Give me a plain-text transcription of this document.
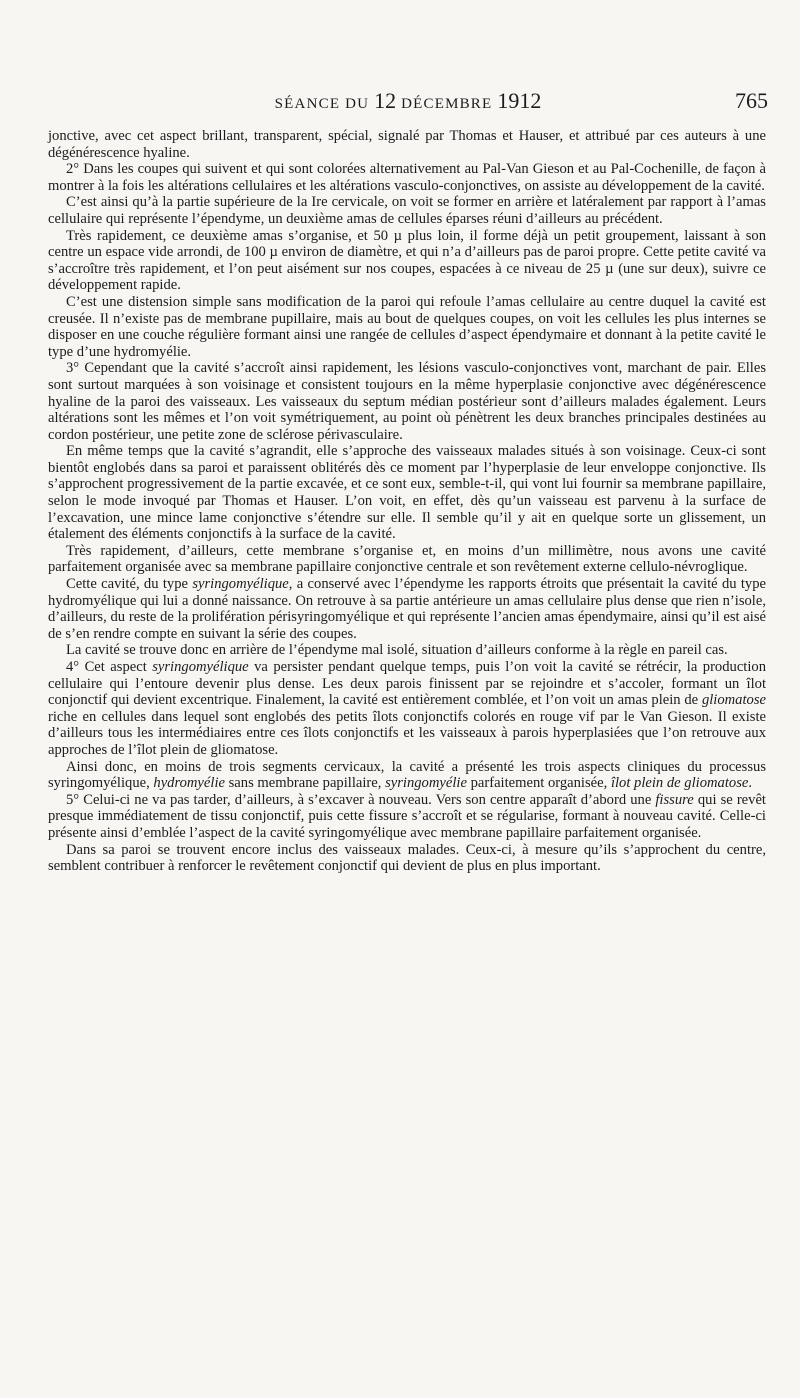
SÉANCE DU 12 DÉCEMBRE 1912	765

jonctive, avec cet aspect brillant, transparent, spécial, signalé par Thomas et Hauser, et attribué par ces auteurs à une dégénérescence hyaline.

2° Dans les coupes qui suivent et qui sont colorées alternativement au Pal-Van Gieson et au Pal-Cochenille, de façon à montrer à la fois les altérations cellulaires et les altérations vasculo-conjonctives, on assiste au développement de la cavité.

C’est ainsi qu’à la partie supérieure de la Ire cervicale, on voit se former en arrière et latéralement par rapport à l’amas cellulaire qui représente l’épendyme, un deuxième amas de cellules éparses réuni d’ailleurs au précédent.

Très rapidement, ce deuxième amas s’organise, et 50 µ plus loin, il forme déjà un petit groupement, laissant à son centre un espace vide arrondi, de 100 µ environ de diamètre, et qui n’a d’ailleurs pas de paroi propre. Cette petite cavité va s’accroître très rapidement, et l’on peut aisément sur nos coupes, espacées à ce niveau de 25 µ (une sur deux), suivre ce développement rapide.

C’est une distension simple sans modification de la paroi qui refoule l’amas cellulaire au centre duquel la cavité est creusée. Il n’existe pas de membrane pupillaire, mais au bout de quelques coupes, on voit les cellules les plus internes se disposer en une couche régulière formant ainsi une rangée de cellules d’aspect épendymaire et donnant à la petite cavité le type d’une hydromyélie.

3° Cependant que la cavité s’accroît ainsi rapidement, les lésions vasculo-conjonctives vont, marchant de pair. Elles sont surtout marquées à son voisinage et consistent toujours en la même hyperplasie conjonctive avec dégénérescence hyaline de la paroi des vaisseaux. Les vaisseaux du septum médian postérieur sont d’ailleurs malades également. Leurs altérations sont les mêmes et l’on voit symétriquement, au point où pénètrent les deux branches principales destinées au cordon postérieur, une petite zone de sclérose périvasculaire.

En même temps que la cavité s’agrandit, elle s’approche des vaisseaux malades situés à son voisinage. Ceux-ci sont bientôt englobés dans sa paroi et paraissent oblitérés dès ce moment par l’hyperplasie de leur enveloppe conjonctive. Ils s’approchent progressivement de la partie excavée, et ce sont eux, semble-t-il, qui vont lui fournir sa membrane papillaire, selon le mode invoqué par Thomas et Hauser. L’on voit, en effet, dès qu’un vaisseau est parvenu à la surface de l’excavation, une mince lame conjonctive s’étendre sur elle. Il semble qu’il y ait en quelque sorte un glissement, un étalement des éléments conjonctifs à la surface de la cavité.

Très rapidement, d’ailleurs, cette membrane s’organise et, en moins d’un millimètre, nous avons une cavité parfaitement organisée avec sa membrane papillaire conjonctive centrale et son revêtement externe cellulo-névroglique.

Cette cavité, du type syringomyélique, a conservé avec l’épendyme les rapports étroits que présentait la cavité du type hydromyélique qui lui a donné naissance. On retrouve à sa partie antérieure un amas cellulaire plus dense que rien n’isole, d’ailleurs, du reste de la prolifération périsyringomyélique et qui représente l’ancien amas épendymaire, ainsi qu’il est aisé de s’en rendre compte en suivant la série des coupes.

La cavité se trouve donc en arrière de l’épendyme mal isolé, situation d’ailleurs conforme à la règle en pareil cas.

4° Cet aspect syringomyélique va persister pendant quelque temps, puis l’on voit la cavité se rétrécir, la production cellulaire qui l’entoure devenir plus dense. Les deux parois finissent par se rejoindre et s’accoler, formant un îlot conjonctif qui devient excentrique. Finalement, la cavité est entièrement comblée, et l’on voit un amas plein de gliomatose riche en cellules dans lequel sont englobés des petits îlots conjonctifs colorés en rouge vif par le Van Gieson. Il existe d’ailleurs tous les intermédiaires entre ces îlots conjonctifs et les vaisseaux à parois hyperplasiées que l’on retrouve aux approches de l’îlot plein de gliomatose.

Ainsi donc, en moins de trois segments cervicaux, la cavité a présenté les trois aspects cliniques du processus syringomyélique, hydromyélie sans membrane papillaire, syringomyélie parfaitement organisée, îlot plein de gliomatose.

5° Celui-ci ne va pas tarder, d’ailleurs, à s’excaver à nouveau. Vers son centre apparaît d’abord une fissure qui se revêt presque immédiatement de tissu conjonctif, puis cette fissure s’accroît et se régularise, formant à nouveau cavité. Celle-ci présente ainsi d’emblée l’aspect de la cavité syringomyélique avec membrane papillaire parfaitement organisée.

Dans sa paroi se trouvent encore inclus des vaisseaux malades. Ceux-ci, à mesure qu’ils s’approchent du centre, semblent contribuer à renforcer le revêtement conjonctif qui devient de plus en plus important.
